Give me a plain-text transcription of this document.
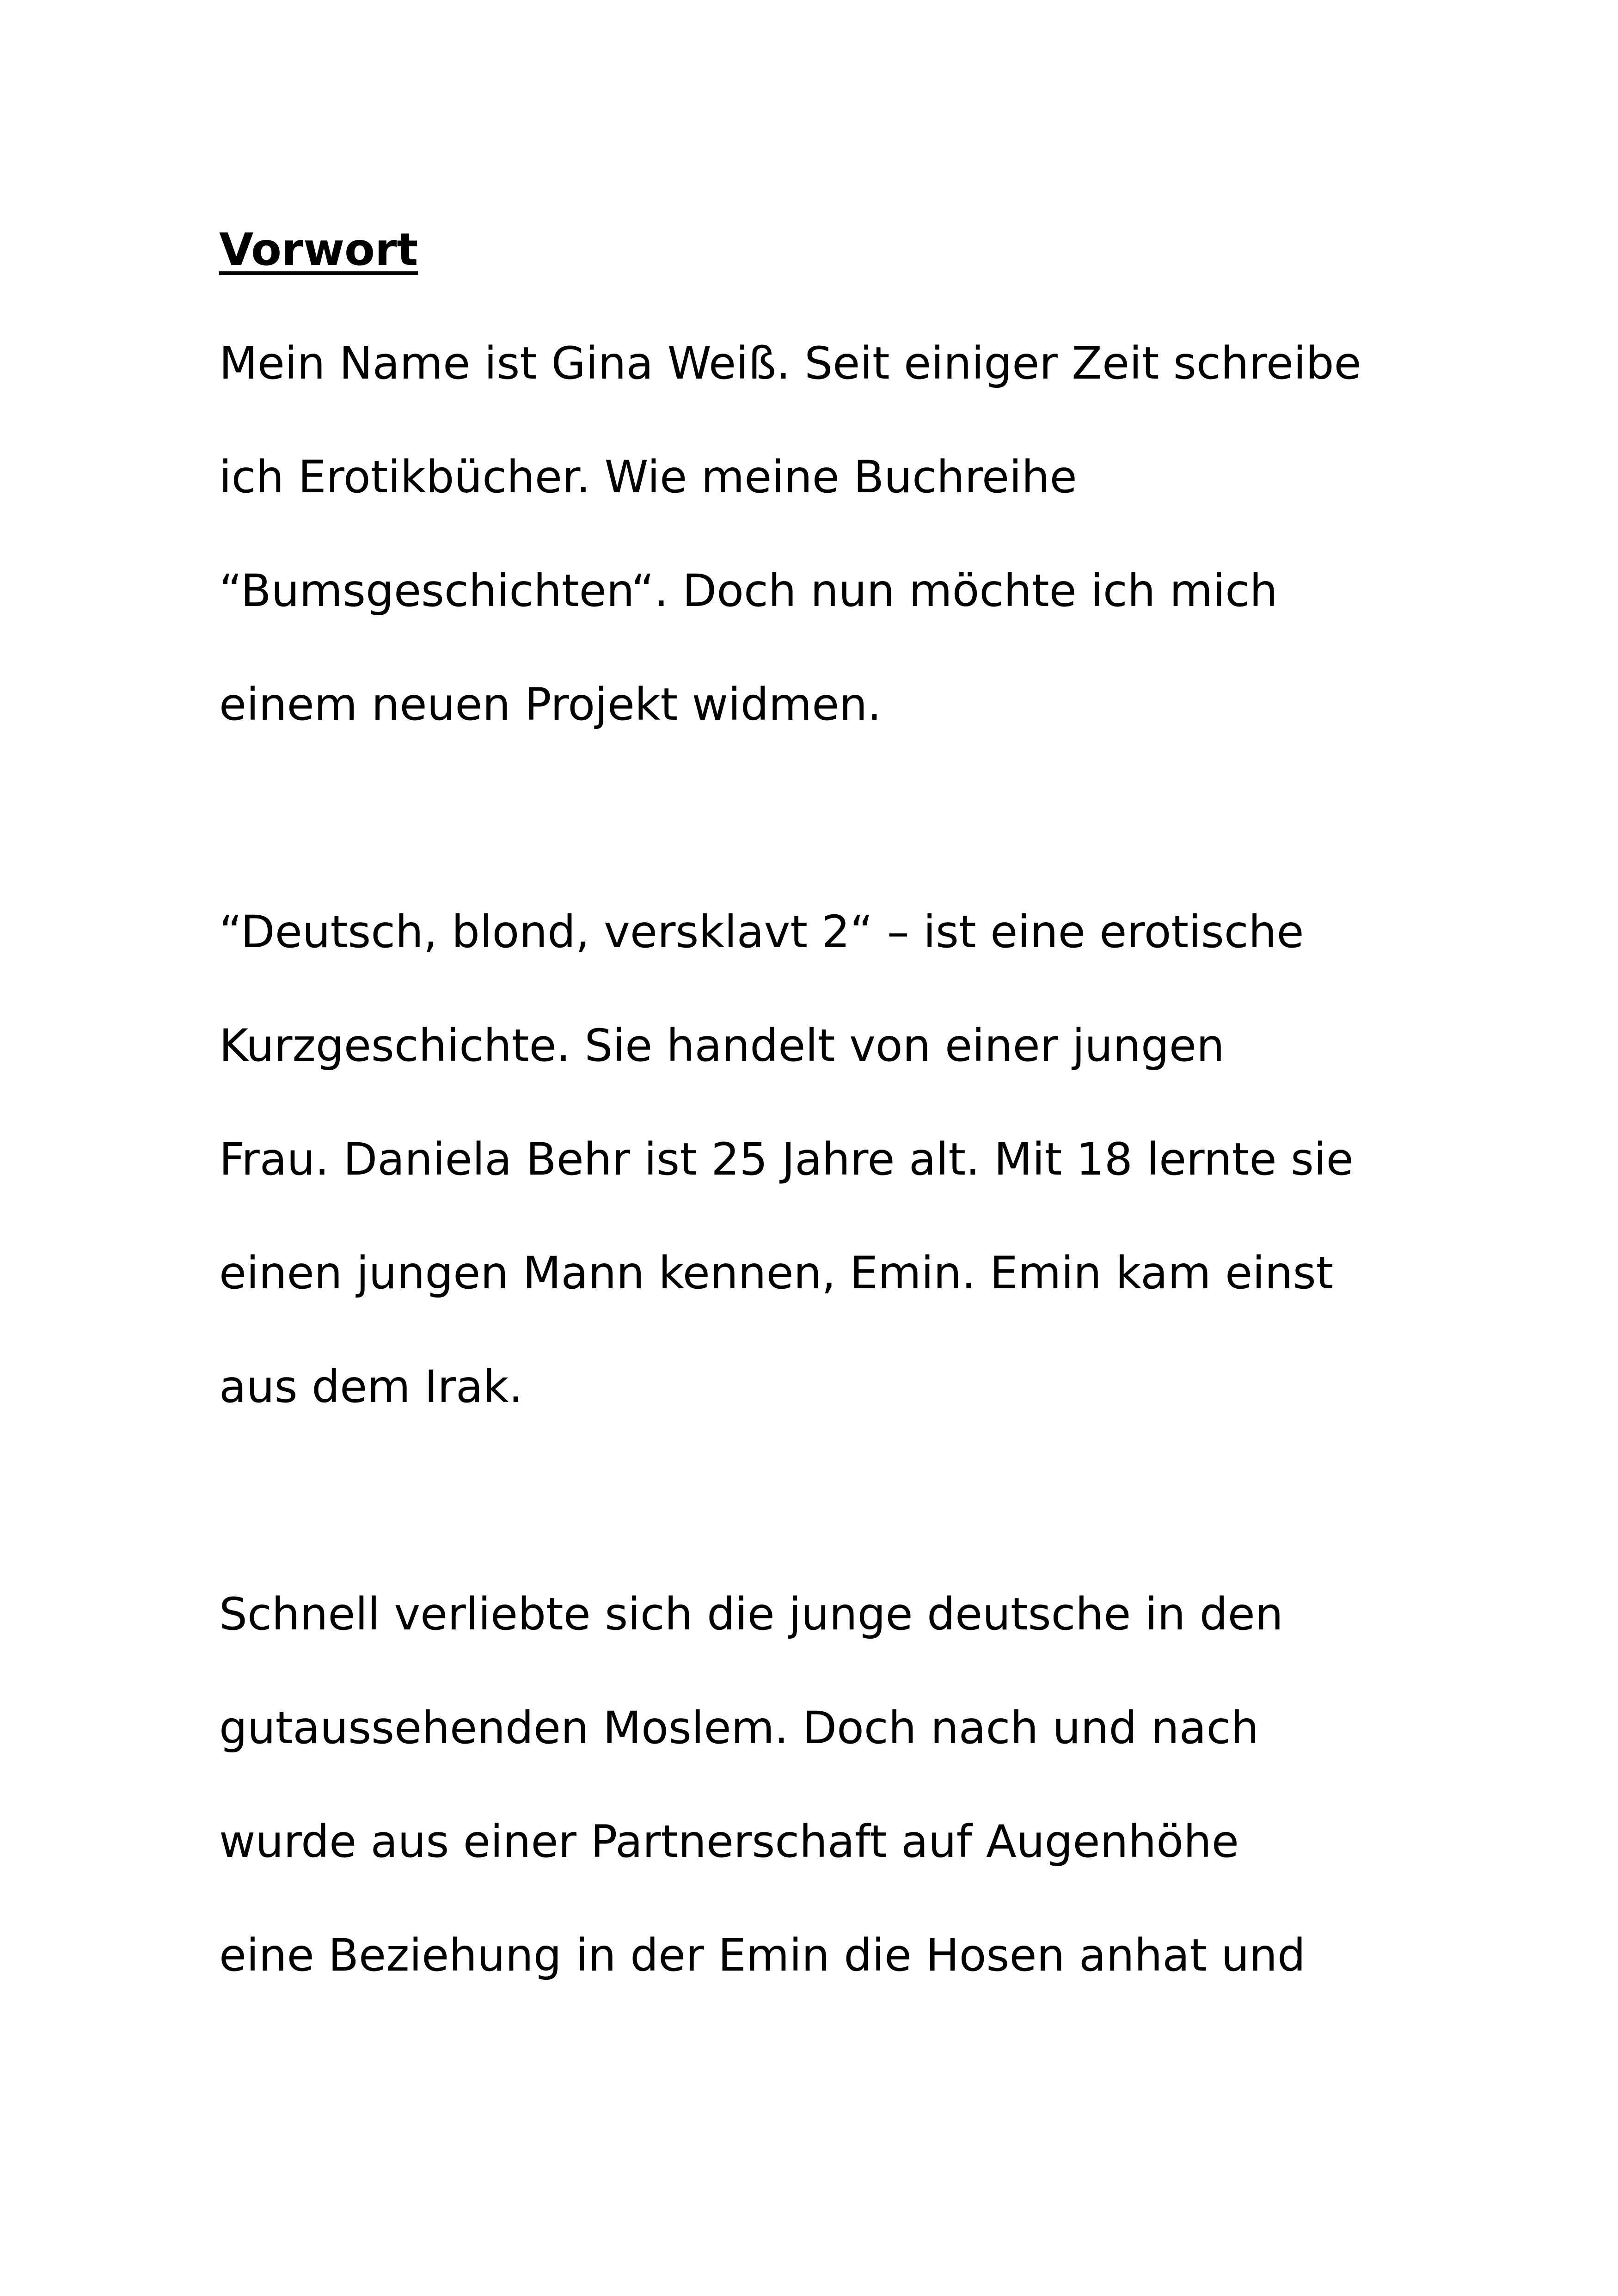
Vorwort
Mein Name ist Gina Weiß. Seit einiger Zeit schreibe
ich Erotikbücher. Wie meine Buchreihe
“Bumsgeschichten“. Doch nun möchte ich mich
einem neuen Projekt widmen.
“Deutsch, blond, versklavt 2“ – ist eine erotische
Kurzgeschichte. Sie handelt von einer jungen
Frau. Daniela Behr ist 25 Jahre alt. Mit 18 lernte sie
einen jungen Mann kennen, Emin. Emin kam einst
aus dem Irak.
Schnell verliebte sich die junge deutsche in den
gutaussehenden Moslem. Doch nach und nach
wurde aus einer Partnerschaft auf Augenhöhe
eine Beziehung in der Emin die Hosen anhat und
